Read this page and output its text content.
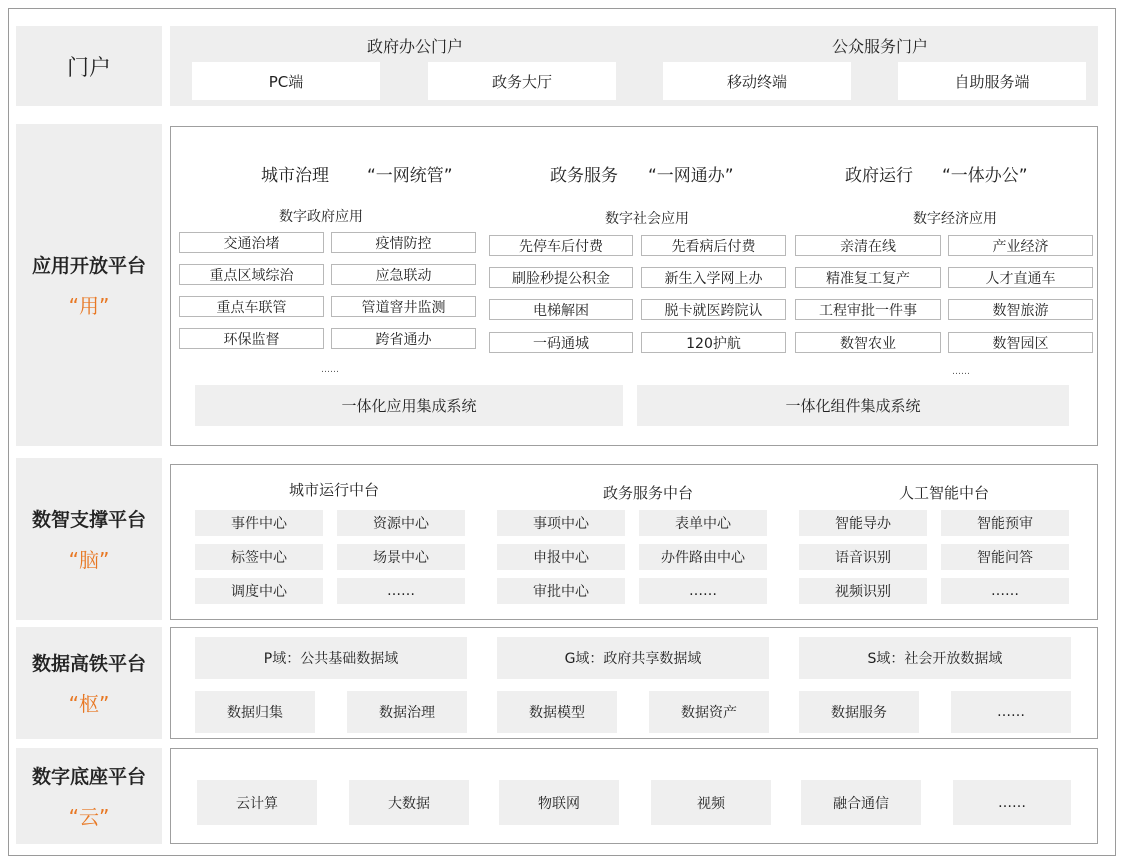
门户
政府办公门户	公众服务门户
PC端	政务大厅	移动终端	自助服务端
应用开放平台
“用”
城市治理 “一网统管”	政务服务 “一网通办”	政府运行 “一体办公”
数字政府应用	数字社会应用	数字经济应用
交通治堵	疫情防控
重点区域综治	应急联动
重点车联管	管道窨井监测
环保监督	跨省通办
先停车后付费	先看病后付费
刷脸秒提公积金	新生入学网上办
电梯解困	脱卡就医跨院认
一码通城	120护航
亲清在线	产业经济
精准复工复产	人才直通车
工程审批一件事	数智旅游
数智农业	数智园区
……	……
一体化应用集成系统	一体化组件集成系统
数智支撑平台
“脑”
城市运行中台	政务服务中台	人工智能中台
事件中心	资源中心
标签中心	场景中心
调度中心	……
事项中心	表单中心
申报中心	办件路由中心
审批中心	……
智能导办	智能预审
语音识别	智能问答
视频识别	……
数据高铁平台
“枢”
P域：公共基础数据域	G域：政府共享数据域	S域：社会开放数据域
数据归集	数据治理	数据模型	数据资产	数据服务	……
数字底座平台
“云”
云计算	大数据	物联网	视频	融合通信	……
